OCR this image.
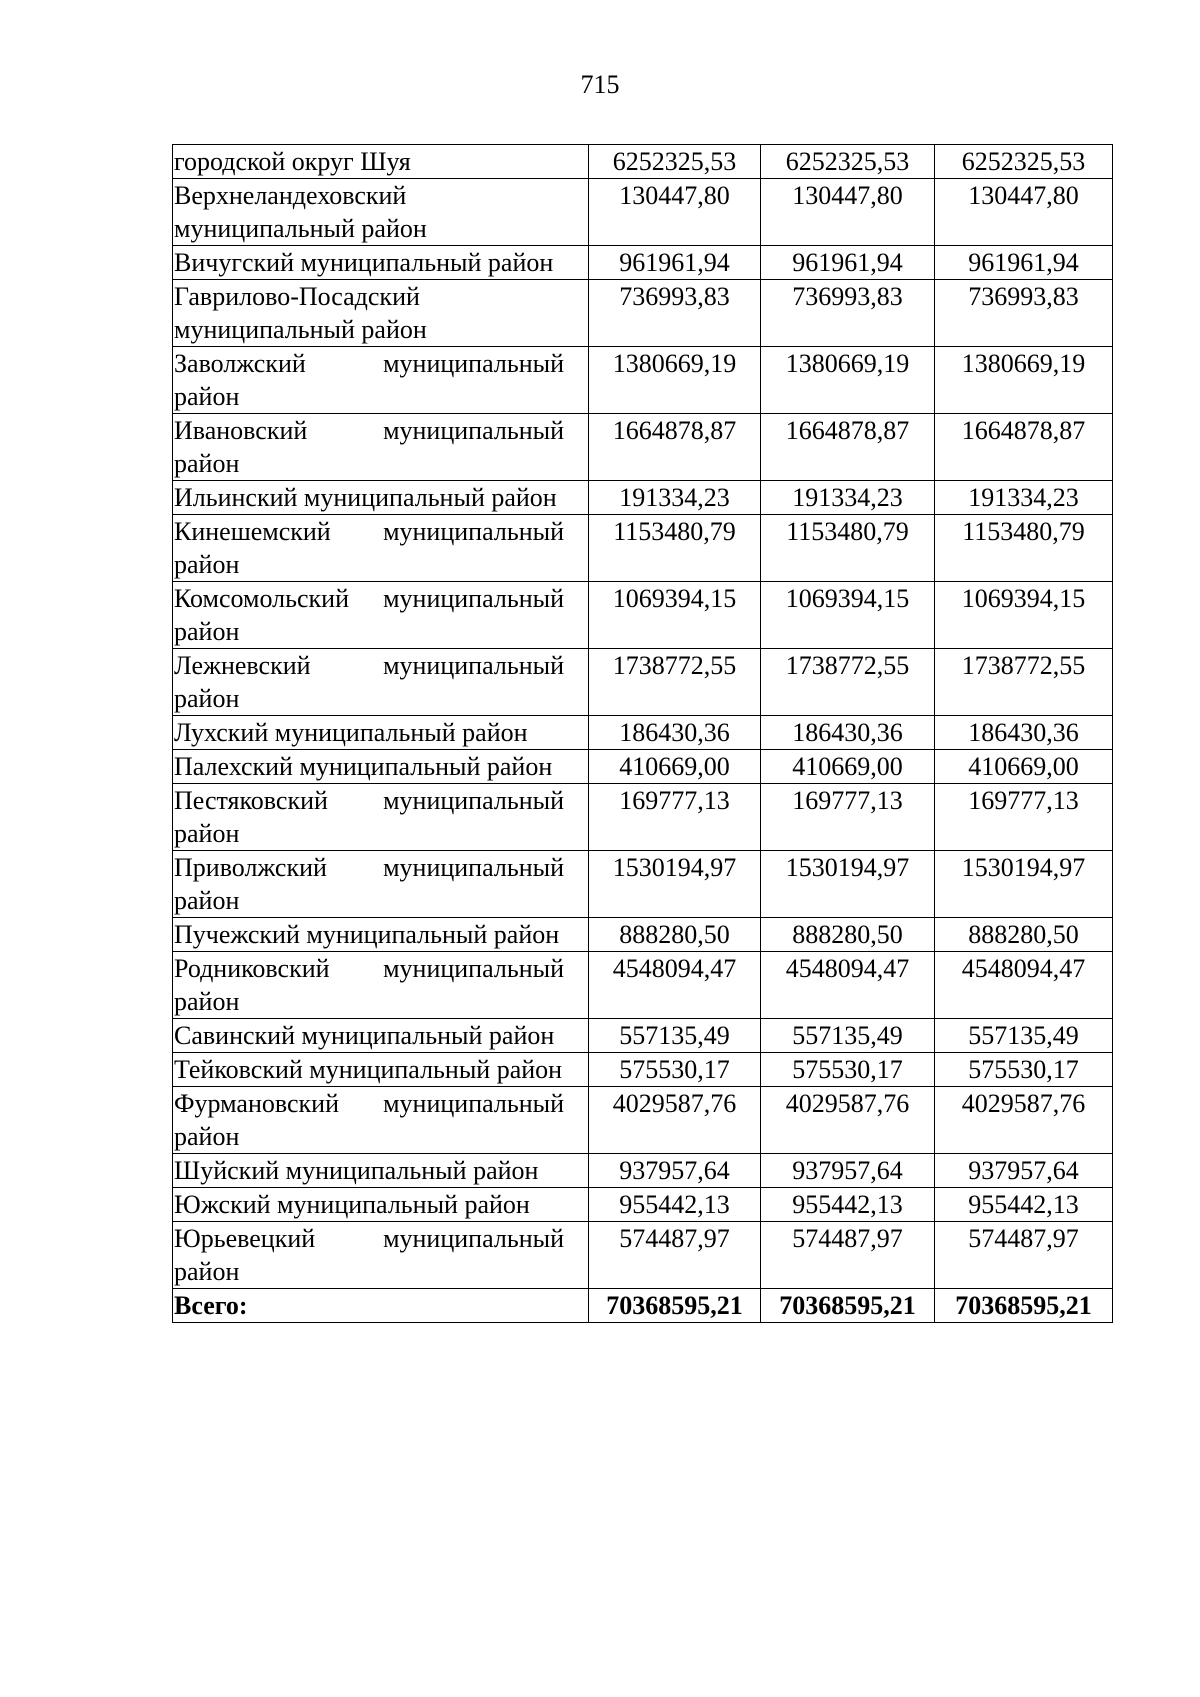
715
городской округ Шуя	6252325,53	6252325,53	6252325,53

Верхнеландеховский муниципальный район	130447,80	130447,80	130447,80

Вичугский муниципальный район	961961,94	961961,94	961961,94

Гаврилово-Посадский муниципальный район	736993,83	736993,83	736993,83

Заволжский муниципальный район	1380669,19	1380669,19	1380669,19

Ивановский муниципальный район	1664878,87	1664878,87	1664878,87

Ильинский муниципальный район	191334,23	191334,23	191334,23

Кинешемский муниципальный район	1153480,79	1153480,79	1153480,79

Комсомольский муниципальный район	1069394,15	1069394,15	1069394,15

Лежневский муниципальный район	1738772,55	1738772,55	1738772,55
Лухский муниципальный район	186430,36	186430,36	186430,36

Палехский муниципальный район	410669,00	410669,00	410669,00

Пестяковский муниципальный район	169777,13	169777,13	169777,13

Приволжский муниципальный район	1530194,97	1530194,97	1530194,97

Пучежский муниципальный район	888280,50	888280,50	888280,50

Родниковский муниципальный район	4548094,47	4548094,47	4548094,47
Савинский муниципальный район	557135,49	557135,49	557135,49

Тейковский муниципальный район	575530,17	575530,17	575530,17

Фурмановский муниципальный район	4029587,76	4029587,76	4029587,76

Шуйский муниципальный район	937957,64	937957,64	937957,64
Южский муниципальный район	955442,13	955442,13	955442,13

Юрьевецкий муниципальный район	574487,97	574487,97	574487,97
Всего:	70368595,21	70368595,21	70368595,21
